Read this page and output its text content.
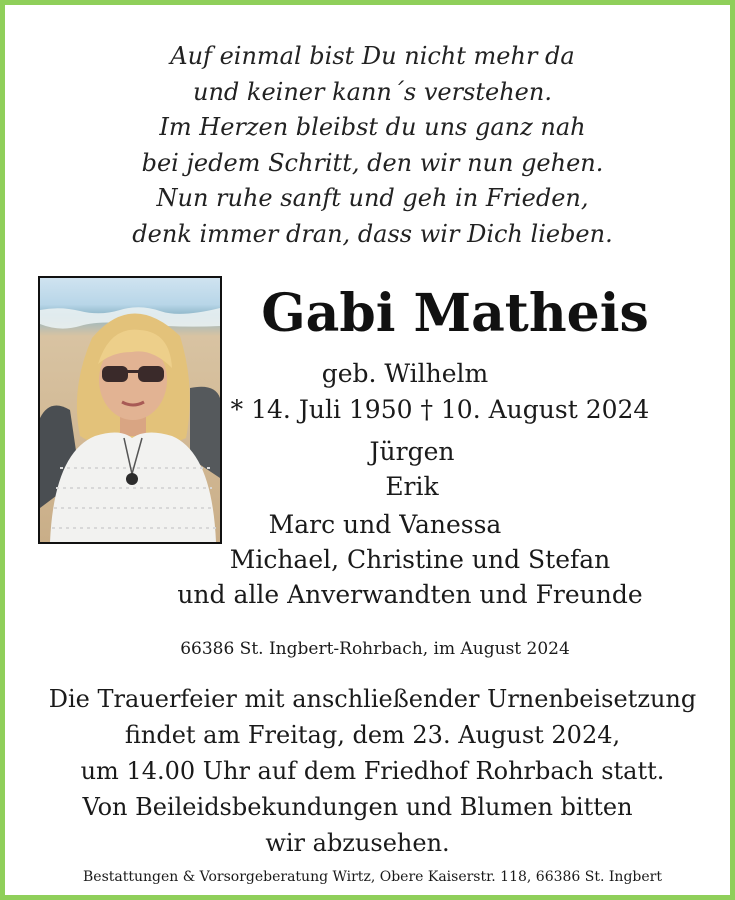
Auf einmal bist Du nicht mehr da
und keiner kann´s verstehen.
Im Herzen bleibst du uns ganz nah
bei jedem Schritt, den wir nun gehen.
Nun ruhe sanft und geh in Frieden,
denk immer dran, dass wir Dich lieben.
Gabi Matheis
geb. Wilhelm
* 14. Juli 1950 † 10. August 2024
Jürgen
Erik
Marc und Vanessa
Michael, Christine und Stefan
und alle Anverwandten und Freunde
66386 St. Ingbert-Rohrbach, im August 2024
Die Trauerfeier mit anschließender Urnenbeisetzung
findet am Freitag, dem 23. August 2024,
um 14.00 Uhr auf dem Friedhof Rohrbach statt.
Von Beileidsbekundungen und Blumen bitten
wir abzusehen.
Bestattungen & Vorsorgeberatung Wirtz, Obere Kaiserstr. 118, 66386 St. Ingbert
